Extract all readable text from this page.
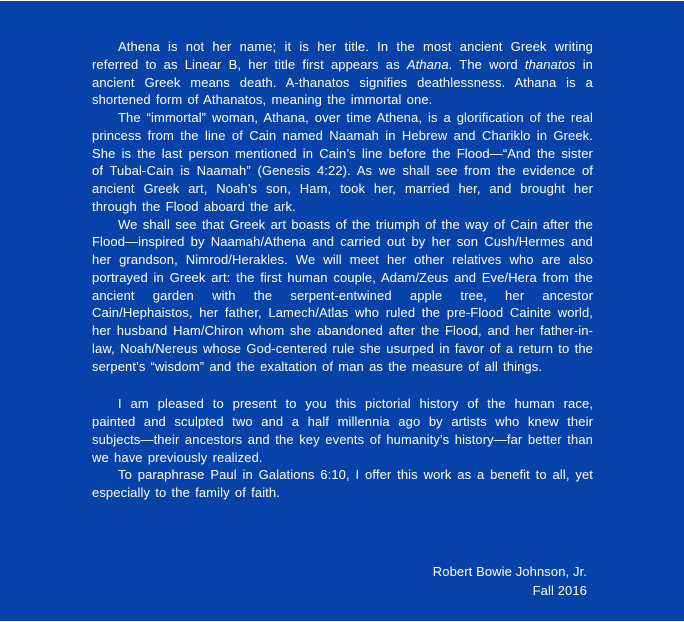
Athena is not her name; it is her title. In the most ancient Greek writing referred to as Linear B, her title first appears as Athana. The word thanatos in ancient Greek means death. A-thanatos signifies deathlessness. Athana is a shortened form of Athanatos, meaning the immortal one.

The “immortal” woman, Athana, over time Athena, is a glorification of the real princess from the line of Cain named Naamah in Hebrew and Chariklo in Greek. She is the last person mentioned in Cain’s line before the Flood—“And the sister of Tubal-Cain is Naamah” (Genesis 4:22). As we shall see from the evidence of ancient Greek art, Noah’s son, Ham, took her, married her, and brought her through the Flood aboard the ark.

We shall see that Greek art boasts of the triumph of the way of Cain after the Flood—inspired by Naamah/Athena and carried out by her son Cush/Hermes and her grandson, Nimrod/Herakles. We will meet her other relatives who are also portrayed in Greek art: the first human couple, Adam/Zeus and Eve/Hera from the ancient garden with the serpent-entwined apple tree, her ancestor Cain/Hephaistos, her father, Lamech/Atlas who ruled the pre-Flood Cainite world, her husband Ham/Chiron whom she abandoned after the Flood, and her father-in-law, Noah/Nereus whose God-centered rule she usurped in favor of a return to the serpent’s “wisdom” and the exaltation of man as the measure of all things.

I am pleased to present to you this pictorial history of the human race, painted and sculpted two and a half millennia ago by artists who knew their subjects—their ancestors and the key events of humanity’s history—far better than we have previously realized.

To paraphrase Paul in Galations 6:10, I offer this work as a benefit to all, yet especially to the family of faith.

Robert Bowie Johnson, Jr.
Fall 2016
